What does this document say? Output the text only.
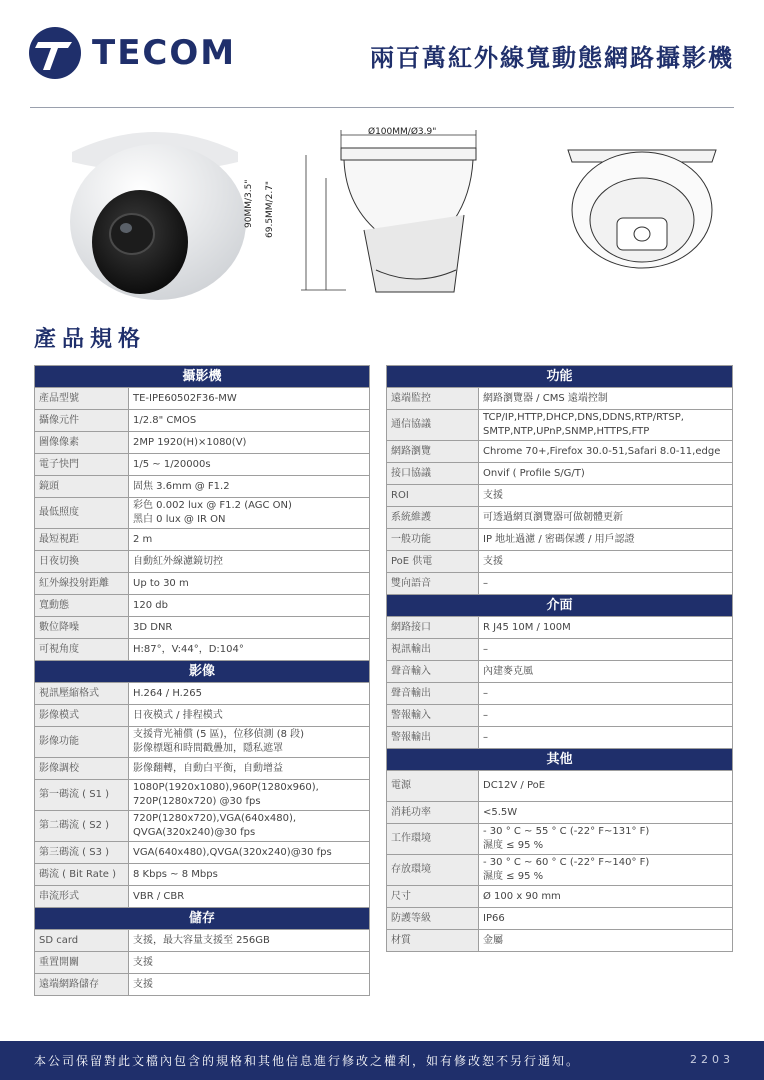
TECOM	兩百萬紅外線寬動態網路攝影機
Ø100MM/Ø3.9"
90MM/3.5" 69.5MM/2.7"
產品規格
攝影機	
產品型號	TE-IPE60502F36-MW
攝像元件	1/2.8" CMOS
圖像像素	2MP 1920(H)×1080(V)
電子快門	1/5 ~ 1/20000s
鏡頭	固焦 3.6mm @ F1.2
最低照度	彩色 0.002 lux @ F1.2 (AGC ON)
黑白 0 lux @ IR ON

最短視距	2 m
日夜切換	自動紅外線濾鏡切控
紅外線投射距離	Up to 30 m
寬動態	120 db
數位降噪	3D DNR
可視角度	H:87°，V:44°，D:104°
影像	
視訊壓縮格式	H.264 / H.265
影像模式	日夜模式 / 排程模式
影像功能	支援背光補償 (5 區)，位移偵測 (8 段)
影像標題和時間戳疊加，隱私遮罩

影像調校	影像翻轉，自動白平衡，自動增益
第一碼流 ( S1 )	1080P(1920x1080),960P(1280x960),
720P(1280x720) @30 fps

第二碼流 ( S2 )	720P(1280x720),VGA(640x480),
QVGA(320x240)@30 fps

第三碼流 ( S3 )	VGA(640x480),QVGA(320x240)@30 fps
碼流 ( Bit Rate )	8 Kbps ~ 8 Mbps
串流形式	VBR / CBR
儲存	
SD card	支援，最大容量支援至 256GB
重置開關	支援
遠端網路儲存	支援
功能	
遠端監控	網路瀏覽器 / CMS 遠端控制
通信協議	TCP/IP,HTTP,DHCP,DNS,DDNS,RTP/RTSP,
SMTP,NTP,UPnP,SNMP,HTTPS,FTP

網路瀏覽	Chrome 70+,Firefox 30.0-51,Safari 8.0-11,edge
接口協議	Onvif ( Profile S/G/T)
ROI	支援
系統維護	可透過網頁瀏覽器可做韌體更新
一般功能	IP 地址過濾 / 密碼保護 / 用戶認證
PoE 供電	支援
雙向語音	–
介面	
網路接口	R J45 10M / 100M
視訊輸出	–
聲音輸入	內建麥克風
聲音輸出	–
警報輸入	–
警報輸出	–
其他	
電源	DC12V / PoE
消耗功率	<5.5W
工作環境	- 30 ° C ~ 55 ° C (-22° F~131° F)
濕度 ≤ 95 %

存放環境	- 30 ° C ~ 60 ° C (-22° F~140° F)
濕度 ≤ 95 %

尺寸	Ø 100 x 90 mm
防護等級	IP66
材質	金屬
本公司保留對此文檔內包含的規格和其他信息進行修改之權利，如有修改恕不另行通知。	2203
